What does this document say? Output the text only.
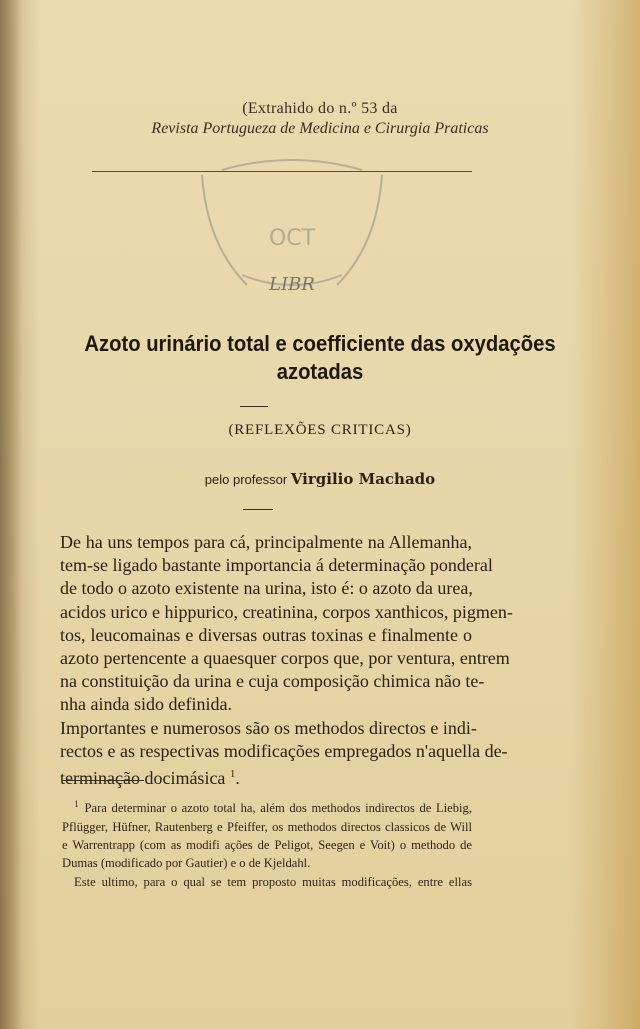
(Extrahido do n.º 53 da
Revista Portugueza de Medicina e Cirurgia Praticas
OCT
LIBR
Azoto urinário total e coefficiente das oxydações
azotadas
(REFLEXÕES CRITICAS)
pelo professor Virgilio Machado
De ha uns tempos para cá, principalmente na Allemanha,
tem-se ligado bastante importancia á determinação ponderal
de todo o azoto existente na urina, isto é: o azoto da urea,
acidos urico e hippurico, creatinina, corpos xanthicos, pigmen-
tos, leucomainas e diversas outras toxinas e finalmente o
azoto pertencente a quaesquer corpos que, por ventura, entrem
na constituição da urina e cuja composição chimica não te-
nha ainda sido definida.
Importantes e numerosos são os methodos directos e indi-
rectos e as respectivas modificações empregados n'aquella de-
terminação docimásica $^1$.
$^1$ Para determinar o azoto total ha, além dos methodos indirectos de Liebig,
Pflügger, Hüfner, Rautenberg e Pfeiffer, os methodos directos classicos de Will
e Warrentrapp (com as modifi ações de Peligot, Seegen e Voit) o methodo de
Dumas (modificado por Gautier) e o de Kjeldahl.
Este ultimo, para o qual se tem proposto muitas modificações, entre ellas
